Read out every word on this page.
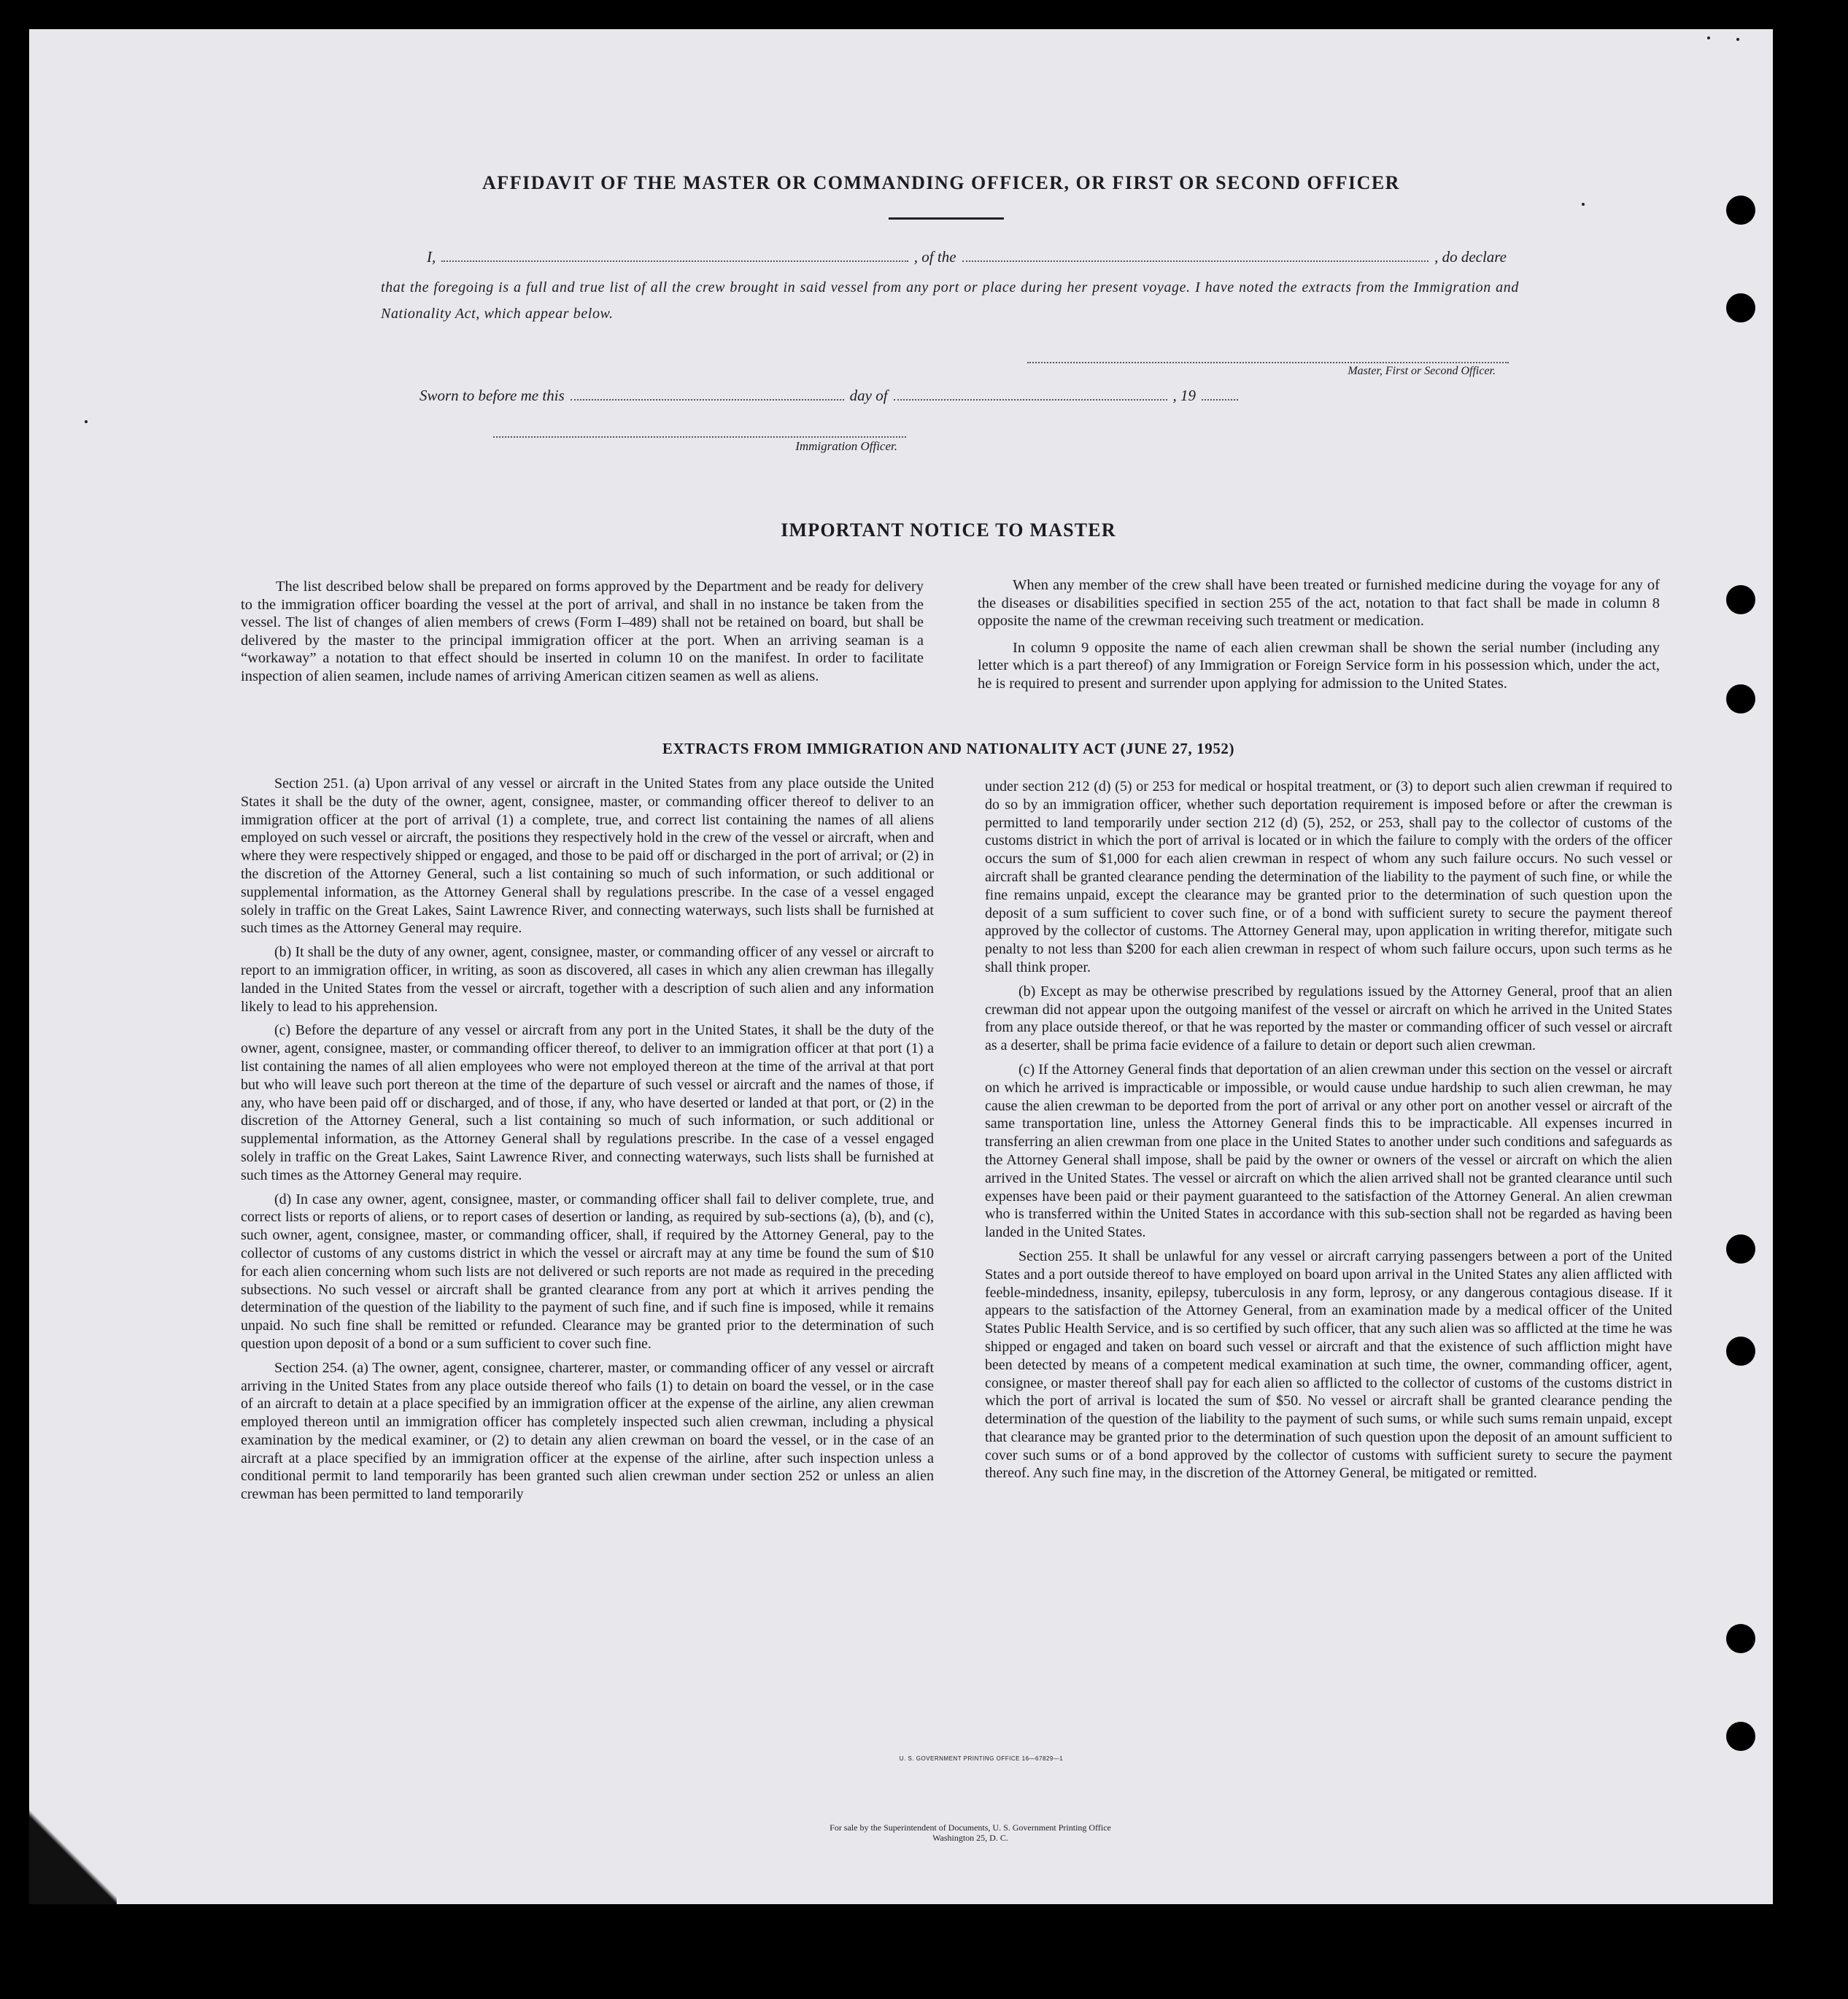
AFFIDAVIT OF THE MASTER OR COMMANDING OFFICER, OR FIRST OR SECOND OFFICER
I,	, of the	, do declare
that the foregoing is a full and true list of all the crew brought in said vessel from any port or place during her present voyage. I have noted the extracts from the Immigration and Nationality Act, which appear below.
Master, First or Second Officer.
Sworn to before me this	day of	, 19
Immigration Officer.
IMPORTANT NOTICE TO MASTER
The list described below shall be prepared on forms approved by the Department and be ready for delivery to the immigration officer boarding the vessel at the port of arrival, and shall in no instance be taken from the vessel. The list of changes of alien members of crews (Form I–489) shall not be retained on board, but shall be delivered by the master to the principal immigration officer at the port. When an arriving seaman is a “workaway” a notation to that effect should be inserted in column 10 on the manifest. In order to facilitate inspection of alien seamen, include names of arriving American citizen seamen as well as aliens.

When any member of the crew shall have been treated or furnished medicine during the voyage for any of the diseases or disabilities specified in section 255 of the act, notation to that fact shall be made in column 8 opposite the name of the crewman receiving such treatment or medication.

In column 9 opposite the name of each alien crewman shall be shown the serial number (including any letter which is a part thereof) of any Immigration or Foreign Service form in his possession which, under the act, he is required to present and surrender upon applying for admission to the United States.

EXTRACTS FROM IMMIGRATION AND NATIONALITY ACT (JUNE 27, 1952)

Section 251. (a) Upon arrival of any vessel or aircraft in the United States from any place outside the United States it shall be the duty of the owner, agent, consignee, master, or commanding officer thereof to deliver to an immigration officer at the port of arrival (1) a complete, true, and correct list containing the names of all aliens employed on such vessel or aircraft, the positions they respectively hold in the crew of the vessel or aircraft, when and where they were respectively shipped or engaged, and those to be paid off or discharged in the port of arrival; or (2) in the discretion of the Attorney General, such a list containing so much of such information, or such additional or supplemental information, as the Attorney General shall by regulations prescribe. In the case of a vessel engaged solely in traffic on the Great Lakes, Saint Lawrence River, and connecting waterways, such lists shall be furnished at such times as the Attorney General may require.

(b) It shall be the duty of any owner, agent, consignee, master, or commanding officer of any vessel or aircraft to report to an immigration officer, in writing, as soon as discovered, all cases in which any alien crewman has illegally landed in the United States from the vessel or aircraft, together with a description of such alien and any information likely to lead to his apprehension.

(c) Before the departure of any vessel or aircraft from any port in the United States, it shall be the duty of the owner, agent, consignee, master, or commanding officer thereof, to deliver to an immigration officer at that port (1) a list containing the names of all alien employees who were not employed thereon at the time of the arrival at that port but who will leave such port thereon at the time of the departure of such vessel or aircraft and the names of those, if any, who have been paid off or discharged, and of those, if any, who have deserted or landed at that port, or (2) in the discretion of the Attorney General, such a list containing so much of such information, or such additional or supplemental information, as the Attorney General shall by regulations prescribe. In the case of a vessel engaged solely in traffic on the Great Lakes, Saint Lawrence River, and connecting waterways, such lists shall be furnished at such times as the Attorney General may require.

(d) In case any owner, agent, consignee, master, or commanding officer shall fail to deliver complete, true, and correct lists or reports of aliens, or to report cases of desertion or landing, as required by sub-sections (a), (b), and (c), such owner, agent, consignee, master, or commanding officer, shall, if required by the Attorney General, pay to the collector of customs of any customs district in which the vessel or aircraft may at any time be found the sum of $10 for each alien concerning whom such lists are not delivered or such reports are not made as required in the preceding subsections. No such vessel or aircraft shall be granted clearance from any port at which it arrives pending the determination of the question of the liability to the payment of such fine, and if such fine is imposed, while it remains unpaid. No such fine shall be remitted or refunded. Clearance may be granted prior to the determination of such question upon deposit of a bond or a sum sufficient to cover such fine.

Section 254. (a) The owner, agent, consignee, charterer, master, or commanding officer of any vessel or aircraft arriving in the United States from any place outside thereof who fails (1) to detain on board the vessel, or in the case of an aircraft to detain at a place specified by an immigration officer at the expense of the airline, any alien crewman employed thereon until an immigration officer has completely inspected such alien crewman, including a physical examination by the medical examiner, or (2) to detain any alien crewman on board the vessel, or in the case of an aircraft at a place specified by an immigration officer at the expense of the airline, after such inspection unless a conditional permit to land temporarily has been granted such alien crewman under section 252 or unless an alien crewman has been permitted to land temporarily

under section 212 (d) (5) or 253 for medical or hospital treatment, or (3) to deport such alien crewman if required to do so by an immigration officer, whether such deportation requirement is imposed before or after the crewman is permitted to land temporarily under section 212 (d) (5), 252, or 253, shall pay to the collector of customs of the customs district in which the port of arrival is located or in which the failure to comply with the orders of the officer occurs the sum of $1,000 for each alien crewman in respect of whom any such failure occurs. No such vessel or aircraft shall be granted clearance pending the determination of the liability to the payment of such fine, or while the fine remains unpaid, except the clearance may be granted prior to the determination of such question upon the deposit of a sum sufficient to cover such fine, or of a bond with sufficient surety to secure the payment thereof approved by the collector of customs. The Attorney General may, upon application in writing therefor, mitigate such penalty to not less than $200 for each alien crewman in respect of whom such failure occurs, upon such terms as he shall think proper.

(b) Except as may be otherwise prescribed by regulations issued by the Attorney General, proof that an alien crewman did not appear upon the outgoing manifest of the vessel or aircraft on which he arrived in the United States from any place outside thereof, or that he was reported by the master or commanding officer of such vessel or aircraft as a deserter, shall be prima facie evidence of a failure to detain or deport such alien crewman.

(c) If the Attorney General finds that deportation of an alien crewman under this section on the vessel or aircraft on which he arrived is impracticable or impossible, or would cause undue hardship to such alien crewman, he may cause the alien crewman to be deported from the port of arrival or any other port on another vessel or aircraft of the same transportation line, unless the Attorney General finds this to be impracticable. All expenses incurred in transferring an alien crewman from one place in the United States to another under such conditions and safeguards as the Attorney General shall impose, shall be paid by the owner or owners of the vessel or aircraft on which the alien arrived in the United States. The vessel or aircraft on which the alien arrived shall not be granted clearance until such expenses have been paid or their payment guaranteed to the satisfaction of the Attorney General. An alien crewman who is transferred within the United States in accordance with this sub-section shall not be regarded as having been landed in the United States.

Section 255. It shall be unlawful for any vessel or aircraft carrying passengers between a port of the United States and a port outside thereof to have employed on board upon arrival in the United States any alien afflicted with feeble-mindedness, insanity, epilepsy, tuberculosis in any form, leprosy, or any dangerous contagious disease. If it appears to the satisfaction of the Attorney General, from an examination made by a medical officer of the United States Public Health Service, and is so certified by such officer, that any such alien was so afflicted at the time he was shipped or engaged and taken on board such vessel or aircraft and that the existence of such affliction might have been detected by means of a competent medical examination at such time, the owner, commanding officer, agent, consignee, or master thereof shall pay for each alien so afflicted to the collector of customs of the customs district in which the port of arrival is located the sum of $50. No vessel or aircraft shall be granted clearance pending the determination of the question of the liability to the payment of such sums, or while such sums remain unpaid, except that clearance may be granted prior to the determination of such question upon the deposit of an amount sufficient to cover such sums or of a bond approved by the collector of customs with sufficient surety to secure the payment thereof. Any such fine may, in the discretion of the Attorney General, be mitigated or remitted.

U. S. GOVERNMENT PRINTING OFFICE 16—67829—1
For sale by the Superintendent of Documents, U. S. Government Printing Office
Washington 25, D. C.
